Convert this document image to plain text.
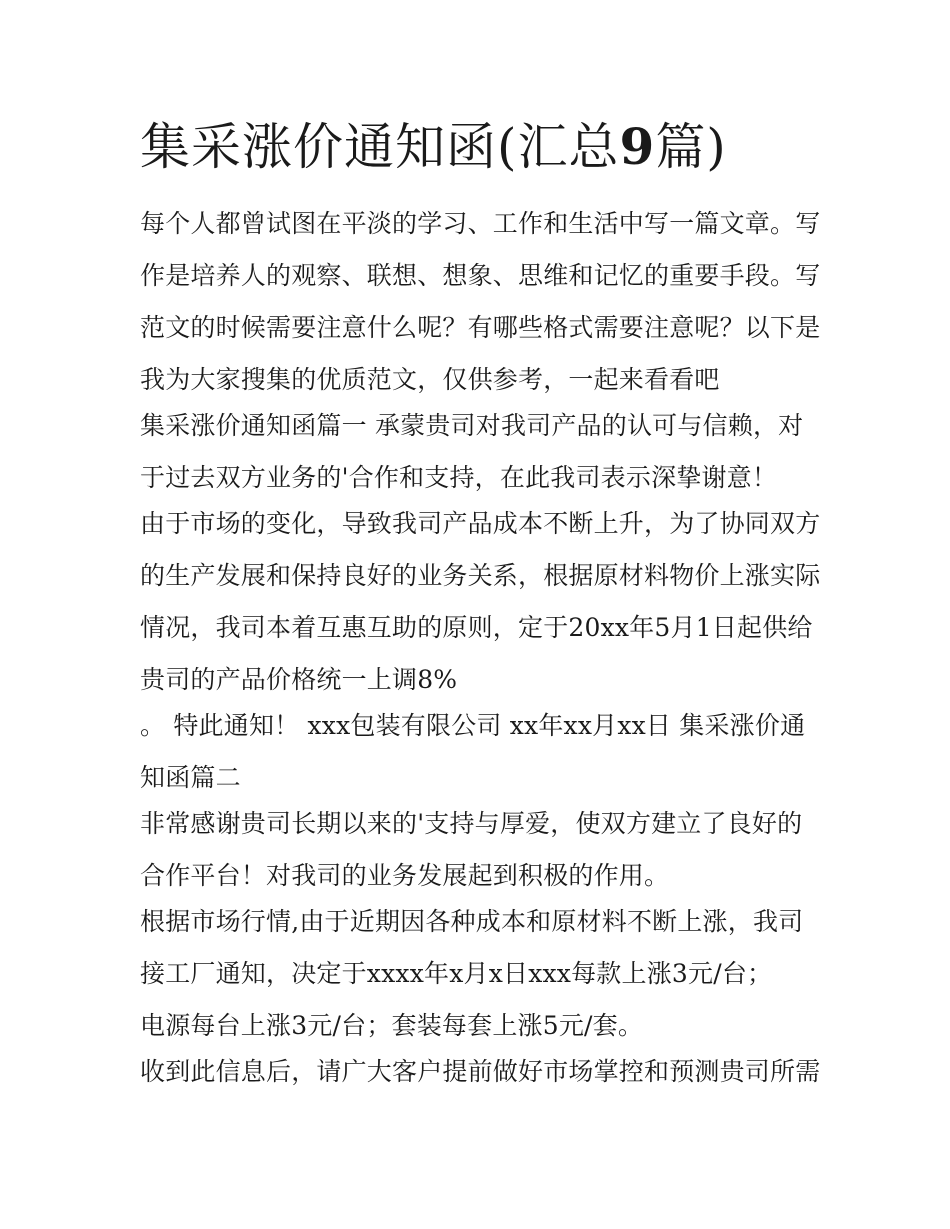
集采涨价通知函(汇总9篇)
每个人都曾试图在平淡的学习、工作和生活中写一篇文章。写
作是培养人的观察、联想、想象、思维和记忆的重要手段。写
范文的时候需要注意什么呢？有哪些格式需要注意呢？以下是
我为大家搜集的优质范文，仅供参考，一起来看看吧
集采涨价通知函篇一 承蒙贵司对我司产品的认可与信赖，对
于过去双方业务的'合作和支持，在此我司表示深挚谢意！
由于市场的变化，导致我司产品成本不断上升，为了协同双方
的生产发展和保持良好的业务关系，根据原材料物价上涨实际
情况，我司本着互惠互助的原则，定于20xx年5月1日起供给
贵司的产品价格统一上调8%
。 特此通知！ xxx包装有限公司 xx年xx月xx日 集采涨价通
知函篇二
非常感谢贵司长期以来的'支持与厚爱，使双方建立了良好的
合作平台！对我司的业务发展起到积极的作用。
根据市场行情,由于近期因各种成本和原材料不断上涨，我司
接工厂通知，决定于xxxx年x月x日xxx每款上涨3元/台；
电源每台上涨3元/台；套装每套上涨5元/套。
收到此信息后，请广大客户提前做好市场掌控和预测贵司所需
